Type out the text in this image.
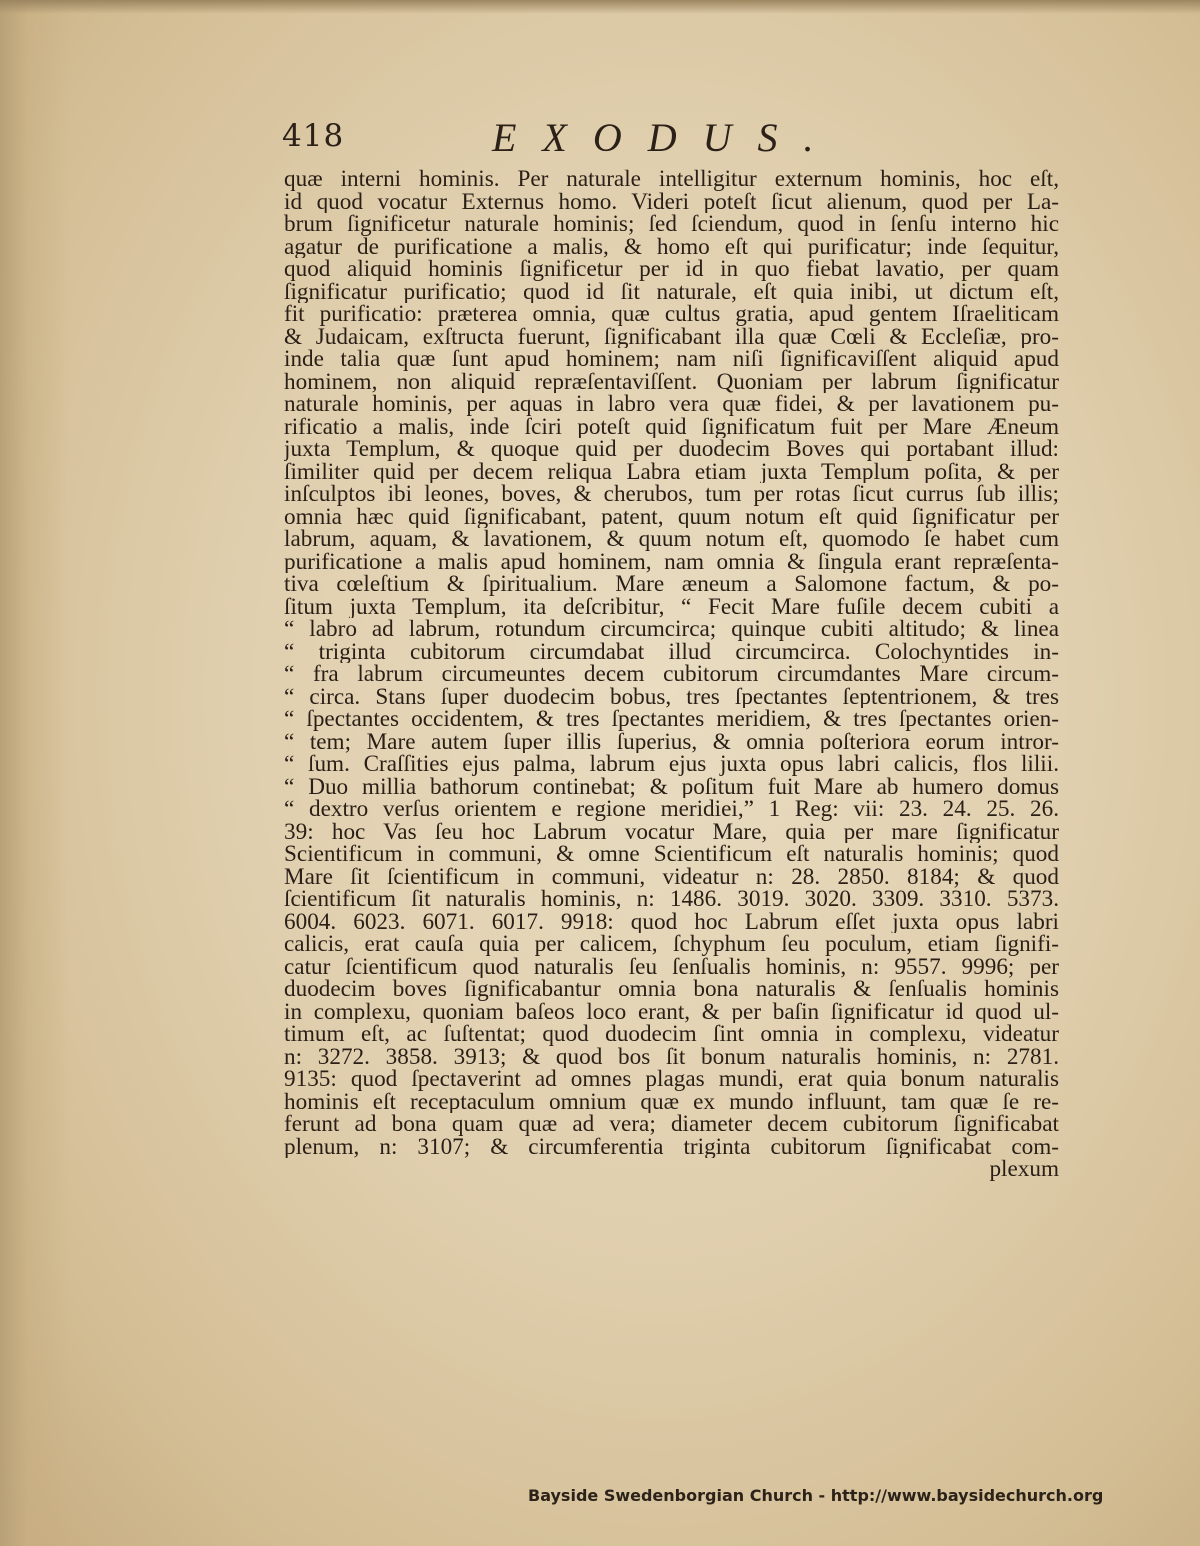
418	EXODUS.
quæ interni hominis. Per naturale intelligitur externum hominis, hoc eſt,
id quod vocatur Externus homo. Videri poteſt ſicut alienum, quod per La-
brum ſignificetur naturale hominis; ſed ſciendum, quod in ſenſu interno hic
agatur de purificatione a malis, & homo eſt qui purificatur; inde ſequitur,
quod aliquid hominis ſignificetur per id in quo fiebat lavatio, per quam
ſignificatur purificatio; quod id ſit naturale, eſt quia inibi, ut dictum eſt,
fit purificatio: præterea omnia, quæ cultus gratia, apud gentem Iſraeliticam
& Judaicam, exſtructa fuerunt, ſignificabant illa quæ Cœli & Eccleſiæ, pro-
inde talia quæ ſunt apud hominem; nam niſi ſignificaviſſent aliquid apud
hominem, non aliquid repræſentaviſſent. Quoniam per labrum ſignificatur
naturale hominis, per aquas in labro vera quæ fidei, & per lavationem pu-
rificatio a malis, inde ſciri poteſt quid ſignificatum fuit per Mare Æneum
juxta Templum, & quoque quid per duodecim Boves qui portabant illud:
ſimiliter quid per decem reliqua Labra etiam juxta Templum poſita, & per
inſculptos ibi leones, boves, & cherubos, tum per rotas ſicut currus ſub illis;
omnia hæc quid ſignificabant, patent, quum notum eſt quid ſignificatur per
labrum, aquam, & lavationem, & quum notum eſt, quomodo ſe habet cum
purificatione a malis apud hominem, nam omnia & ſingula erant repræſenta-
tiva cœleſtium & ſpiritualium. Mare æneum a Salomone factum, & po-
ſitum juxta Templum, ita deſcribitur, “ Fecit Mare fuſile decem cubiti a
“ labro ad labrum, rotundum circumcirca; quinque cubiti altitudo; & linea
“ triginta cubitorum circumdabat illud circumcirca. Colochyntides in-
“ fra labrum circumeuntes decem cubitorum circumdantes Mare circum-
“ circa. Stans ſuper duodecim bobus, tres ſpectantes ſeptentrionem, & tres
“ ſpectantes occidentem, & tres ſpectantes meridiem, & tres ſpectantes orien-
“ tem; Mare autem ſuper illis ſuperius, & omnia poſteriora eorum intror-
“ ſum. Craſſities ejus palma, labrum ejus juxta opus labri calicis, flos lilii.
“ Duo millia bathorum continebat; & poſitum fuit Mare ab humero domus
“ dextro verſus orientem e regione meridiei,” 1 Reg: vii: 23. 24. 25. 26.
39: hoc Vas ſeu hoc Labrum vocatur Mare, quia per mare ſignificatur
Scientificum in communi, & omne Scientificum eſt naturalis hominis; quod
Mare ſit ſcientificum in communi, videatur n: 28. 2850. 8184; & quod
ſcientificum ſit naturalis hominis, n: 1486. 3019. 3020. 3309. 3310. 5373.
6004. 6023. 6071. 6017. 9918: quod hoc Labrum eſſet juxta opus labri
calicis, erat cauſa quia per calicem, ſchyphum ſeu poculum, etiam ſignifi-
catur ſcientificum quod naturalis ſeu ſenſualis hominis, n: 9557. 9996; per
duodecim boves ſignificabantur omnia bona naturalis & ſenſualis hominis
in complexu, quoniam baſeos loco erant, & per baſin ſignificatur id quod ul-
timum eſt, ac ſuſtentat; quod duodecim ſint omnia in complexu, videatur
n: 3272. 3858. 3913; & quod bos ſit bonum naturalis hominis, n: 2781.
9135: quod ſpectaverint ad omnes plagas mundi, erat quia bonum naturalis
hominis eſt receptaculum omnium quæ ex mundo influunt, tam quæ ſe re-
ferunt ad bona quam quæ ad vera; diameter decem cubitorum ſignificabat
plenum, n: 3107; & circumferentia triginta cubitorum ſignificabat com-
plexum
Bayside Swedenborgian Church - http://www.baysidechurch.org
